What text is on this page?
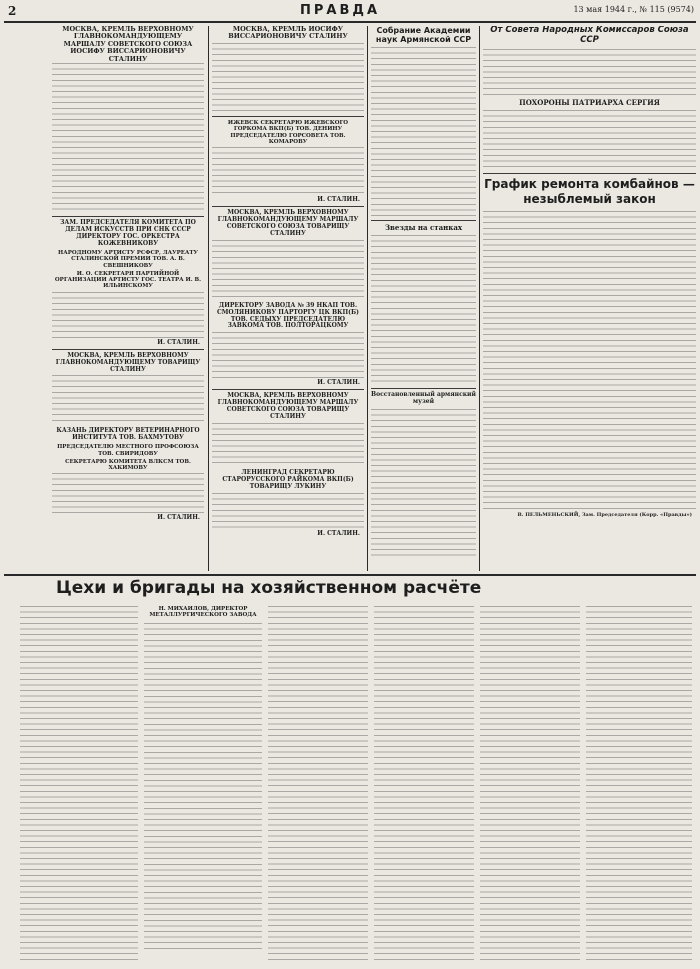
2	ПРАВДА	13 мая 1944 г., № 115 (9574)
МОСКВА, КРЕМЛЬ ВЕРХОВНОМУ ГЛАВНОКОМАНДУЮЩЕМУ МАРШАЛУ СОВЕТСКОГО СОЮЗА ИОСИФУ ВИССАРИОНОВИЧУ СТАЛИНУ
ЗАМ. ПРЕДСЕДАТЕЛЯ КОМИТЕТА ПО ДЕЛАМ ИСКУССТВ ПРИ СНК СССР ДИРЕКТОРУ ГОС. ОРКЕСТРА КОЖЕВНИКОВУ
НАРОДНОМУ АРТИСТУ РСФСР, ЛАУРЕАТУ СТАЛИНСКОЙ ПРЕМИИ ТОВ. А. В. СВЕШНИКОВУ
И. О. СЕКРЕТАРЯ ПАРТИЙНОЙ ОРГАНИЗАЦИИ АРТИСТУ ГОС. ТЕАТРА И. В. ИЛЬИНСКОМУ
И. СТАЛИН.
МОСКВА, КРЕМЛЬ ВЕРХОВНОМУ ГЛАВНОКОМАНДУЮЩЕМУ ТОВАРИЩУ СТАЛИНУ
КАЗАНЬ ДИРЕКТОРУ ВЕТЕРИНАРНОГО ИНСТИТУТА ТОВ. БАХМУТОВУ
ПРЕДСЕДАТЕЛЮ МЕСТНОГО ПРОФСОЮЗА ТОВ. СВИРИДОВУ
СЕКРЕТАРЮ КОМИТЕТА ВЛКСМ ТОВ. ХАКИМОВУ
И. СТАЛИН.
МОСКВА, КРЕМЛЬ ИОСИФУ ВИССАРИОНОВИЧУ СТАЛИНУ
ИЖЕВСК СЕКРЕТАРЮ ИЖЕВСКОГО ГОРКОМА ВКП(Б) ТОВ. ДЕНИНУ ПРЕДСЕДАТЕЛЮ ГОРСОВЕТА ТОВ. КОМАРОВУ
И. СТАЛИН.
МОСКВА, КРЕМЛЬ ВЕРХОВНОМУ ГЛАВНОКОМАНДУЮЩЕМУ МАРШАЛУ СОВЕТСКОГО СОЮЗА ТОВАРИЩУ СТАЛИНУ
ДИРЕКТОРУ ЗАВОДА № 39 НКАП ТОВ. СМОЛЯНИКОВУ ПАРТОРГУ ЦК ВКП(Б) ТОВ. СЕДЫХУ ПРЕДСЕДАТЕЛЮ ЗАВКОМА ТОВ. ПОЛТОРАЦКОМУ
И. СТАЛИН.
МОСКВА, КРЕМЛЬ ВЕРХОВНОМУ ГЛАВНОКОМАНДУЮЩЕМУ МАРШАЛУ СОВЕТСКОГО СОЮЗА ТОВАРИЩУ СТАЛИНУ
ЛЕНИНГРАД СЕКРЕТАРЮ СТАРОРУССКОГО РАЙКОМА ВКП(Б) ТОВАРИЩУ ЛУКИНУ
И. СТАЛИН.
Собрание Академии наук Армянской ССР
Звезды на станках
Восстановленный армянский музей
От Совета Народных Комиссаров Союза ССР
ПОХОРОНЫ ПАТРИАРХА СЕРГИЯ
График ремонта комбайнов — незыблемый закон
В. ПЕЛЬМЕНЬСКИЙ, Зам. Председателя (Корр. «Правды»)
Цехи и бригады на хозяйственном расчёте
Н. МИХАИЛОВ, ДИРЕКТОР МЕТАЛЛУРГИЧЕСКОГО ЗАВОДА
